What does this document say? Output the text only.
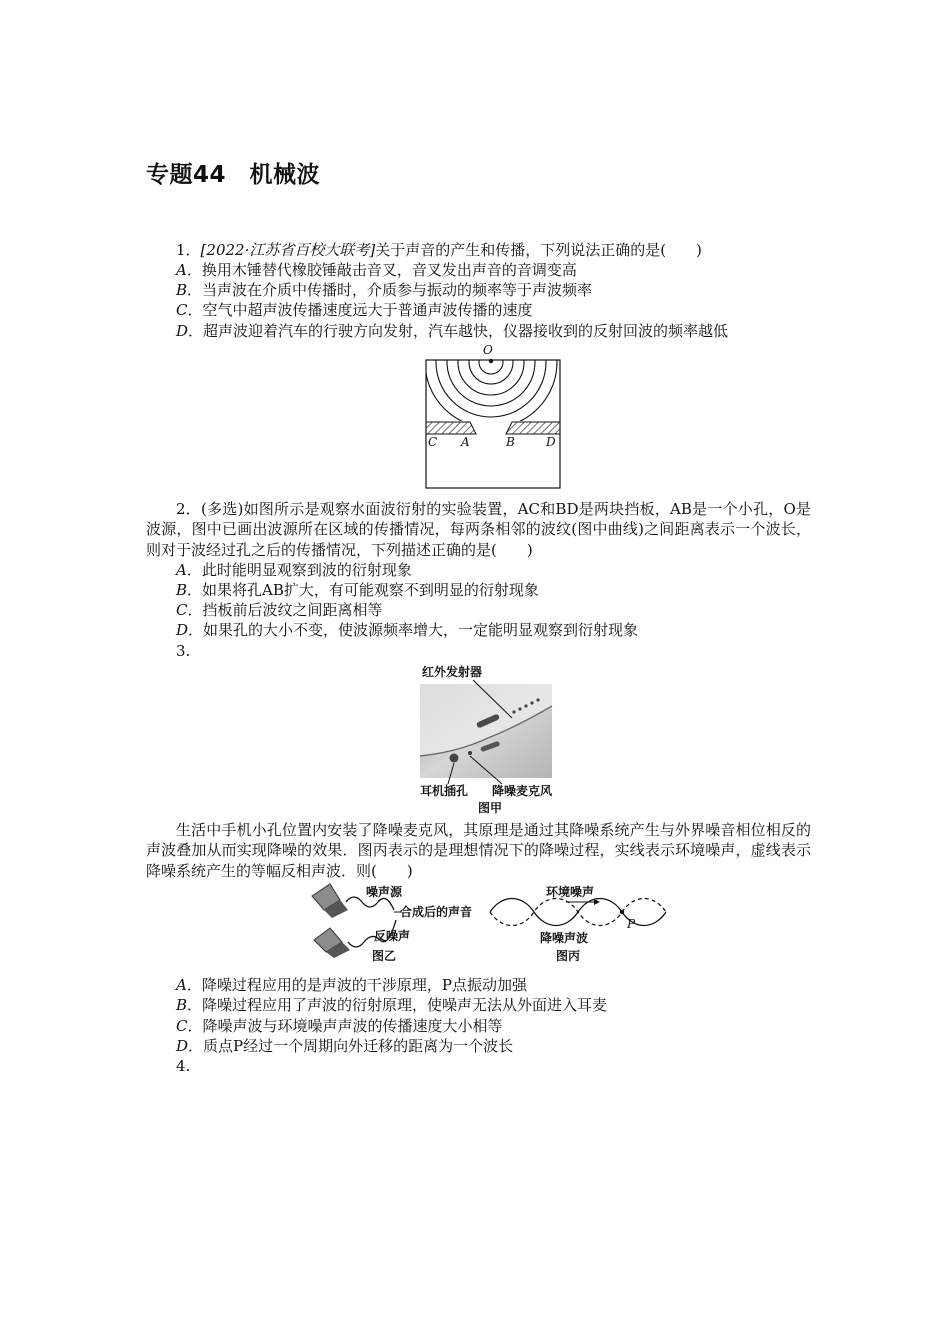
专题44　机械波
1．[2022·江苏省百校大联考]关于声音的产生和传播，下列说法正确的是(　　)
A．换用木锤替代橡胶锤敲击音叉，音叉发出声音的音调变高
B．当声波在介质中传播时，介质参与振动的频率等于声波频率
C．空气中超声波传播速度远大于普通声波传播的速度
D．超声波迎着汽车的行驶方向发射，汽车越快，仪器接收到的反射回波的频率越低
O
C A	B	D
2．(多选)如图所示是观察水面波衍射的实验装置，AC和BD是两块挡板，AB是一个小孔，O是波源，图中已画出波源所在区域的传播情况，每两条相邻的波纹(图中曲线)之间距离表示一个波长，则对于波经过孔之后的传播情况，下列描述正确的是(　　)
A．此时能明显观察到波的衍射现象
B．如果将孔AB扩大，有可能观察不到明显的衍射现象
C．挡板前后波纹之间距离相等
D．如果孔的大小不变，使波源频率增大，一定能明显观察到衍射现象
3.
红外发射器
耳机插孔 降噪麦克风
图甲
生活中手机小孔位置内安装了降噪麦克风，其原理是通过其降噪系统产生与外界噪音相位相反的声波叠加从而实现降噪的效果．图丙表示的是理想情况下的降噪过程，实线表示环境噪声，虚线表示降噪系统产生的等幅反相声波．则(　　)
噪声源
合成后的声音
反噪声
图乙
P
环境噪声
降噪声波
图丙
A．降噪过程应用的是声波的干涉原理，P点振动加强
B．降噪过程应用了声波的衍射原理，使噪声无法从外面进入耳麦
C．降噪声波与环境噪声声波的传播速度大小相等
D．质点P经过一个周期向外迁移的距离为一个波长
4.
